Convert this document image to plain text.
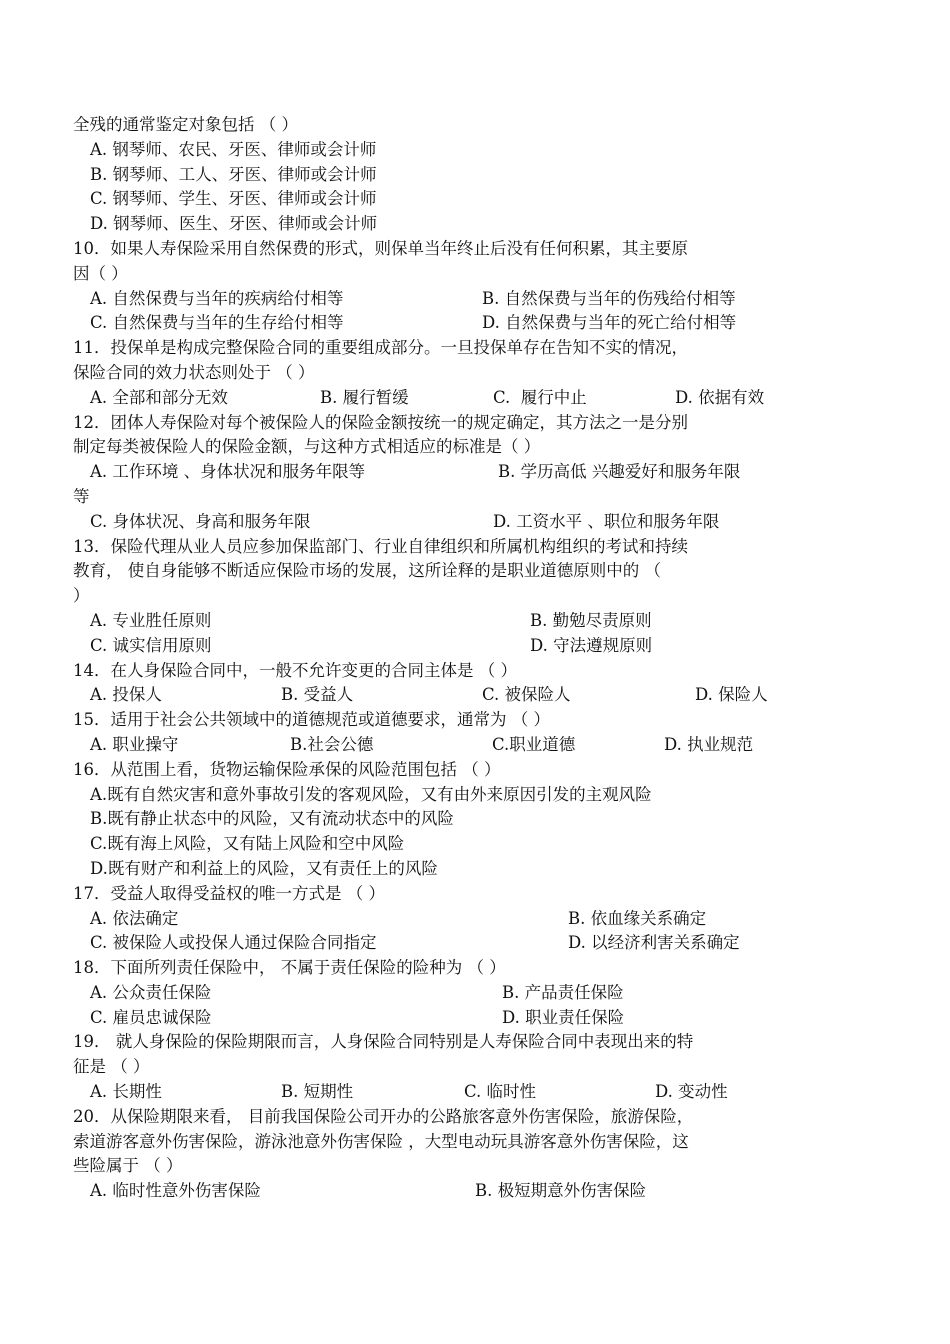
全残的通常鉴定对象包括 （ ）
A. 钢琴师、农民、牙医、律师或会计师
B. 钢琴师、工人、牙医、律师或会计师
C. 钢琴师、学生、牙医、律师或会计师
D. 钢琴师、医生、牙医、律师或会计师
10．如果人寿保险采用自然保费的形式，则保单当年终止后没有任何积累，其主要原
因（ ）
A. 自然保费与当年的疾病给付相等	B. 自然保费与当年的伤残给付相等
C. 自然保费与当年的生存给付相等	D. 自然保费与当年的死亡给付相等
11．投保单是构成完整保险合同的重要组成部分。一旦投保单存在告知不实的情况，
保险合同的效力状态则处于 （ ）
A. 全部和部分无效	B. 履行暂缓	C.  履行中止	D. 依据有效
12．团体人寿保险对每个被保险人的保险金额按统一的规定确定，其方法之一是分别
制定每类被保险人的保险金额，与这种方式相适应的标准是（ ）
A. 工作环境 、身体状况和服务年限等	B. 学历高低 兴趣爱好和服务年限
等
C. 身体状况、身高和服务年限	D. 工资水平 、职位和服务年限
13．保险代理从业人员应参加保监部门、行业自律组织和所属机构组织的考试和持续
教育， 使自身能够不断适应保险市场的发展，这所诠释的是职业道德原则中的 （
）
A. 专业胜任原则	B. 勤勉尽责原则
C. 诚实信用原则	D. 守法遵规原则
14．在人身保险合同中，一般不允许变更的合同主体是 （ ）
A. 投保人	B. 受益人	C. 被保险人	D. 保险人
15．适用于社会公共领域中的道德规范或道德要求，通常为 （ ）
A. 职业操守	B.社会公德	C.职业道德	D. 执业规范
16．从范围上看，货物运输保险承保的风险范围包括 （ ）
A.既有自然灾害和意外事故引发的客观风险，又有由外来原因引发的主观风险
B.既有静止状态中的风险，又有流动状态中的风险
C.既有海上风险，又有陆上风险和空中风险
D.既有财产和利益上的风险，又有责任上的风险
17．受益人取得受益权的唯一方式是 （ ）
A. 依法确定	B. 依血缘关系确定
C. 被保险人或投保人通过保险合同指定	D. 以经济利害关系确定
18．下面所列责任保险中， 不属于责任保险的险种为 （ ）
A. 公众责任保险	B. 产品责任保险
C. 雇员忠诚保险	D. 职业责任保险
19． 就人身保险的保险期限而言，人身保险合同特别是人寿保险合同中表现出来的特
征是 （ ）
A. 长期性	B. 短期性	C. 临时性	D. 变动性
20．从保险期限来看， 目前我国保险公司开办的公路旅客意外伤害保险，旅游保险，
索道游客意外伤害保险，游泳池意外伤害保险 ，大型电动玩具游客意外伤害保险，这
些险属于 （ ）
A. 临时性意外伤害保险	B. 极短期意外伤害保险
